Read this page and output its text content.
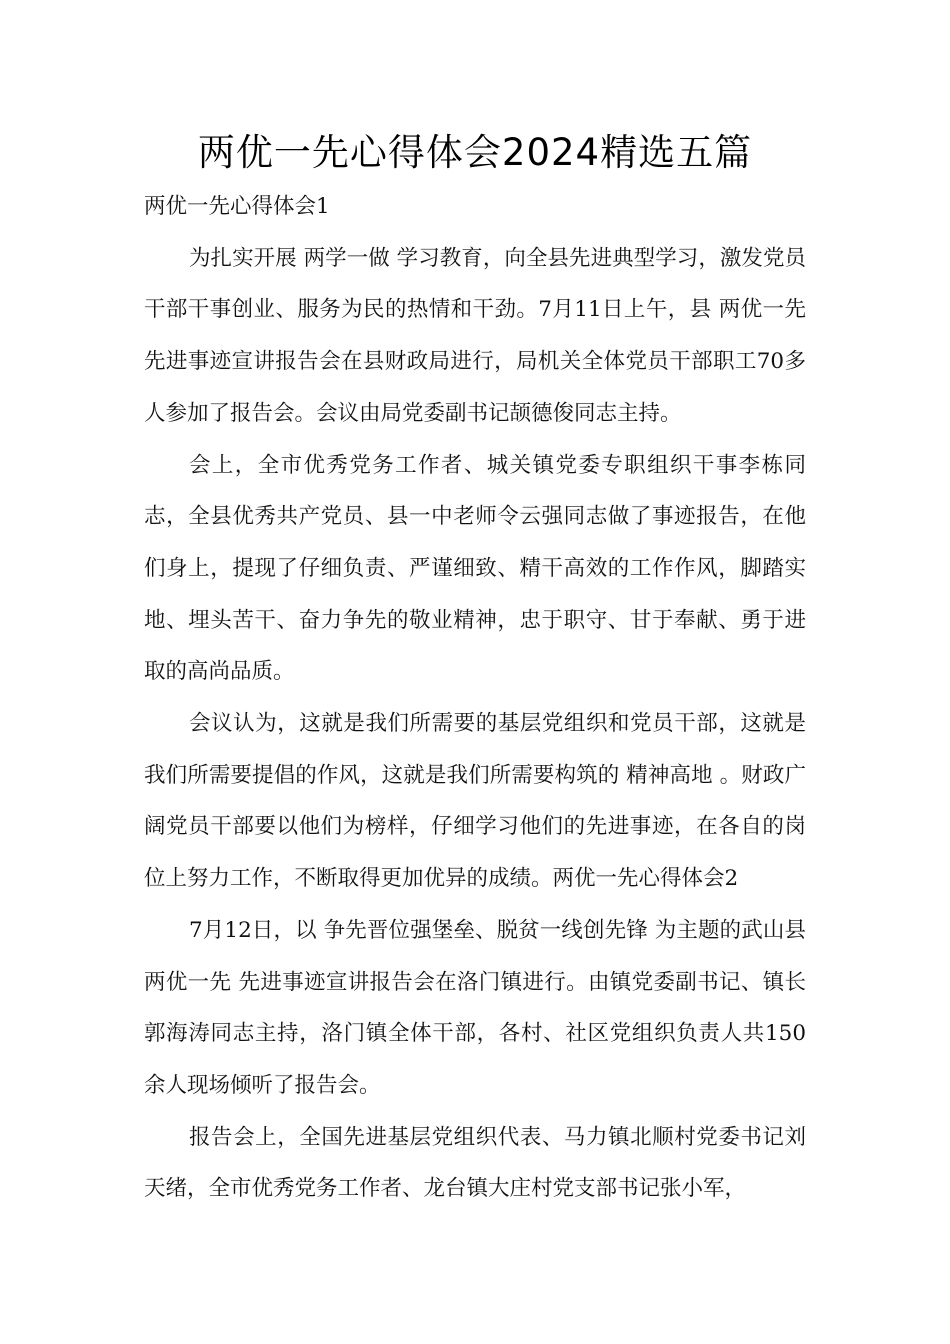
两优一先心得体会2024精选五篇

两优一先心得体会1

为扎实开展 两学一做 学习教育，向全县先进典型学习，激发党员干部干事创业、服务为民的热情和干劲。7月11日上午，县 两优一先 先进事迹宣讲报告会在县财政局进行，局机关全体党员干部职工70多人参加了报告会。会议由局党委副书记颉德俊同志主持。

会上，全市优秀党务工作者、城关镇党委专职组织干事李栋同志，全县优秀共产党员、县一中老师令云强同志做了事迹报告，在他们身上，提现了仔细负责、严谨细致、精干高效的工作作风，脚踏实地、埋头苦干、奋力争先的敬业精神，忠于职守、甘于奉献、勇于进取的高尚品质。

会议认为，这就是我们所需要的基层党组织和党员干部，这就是我们所需要提倡的作风，这就是我们所需要构筑的 精神高地 。财政广阔党员干部要以他们为榜样，仔细学习他们的先进事迹，在各自的岗位上努力工作，不断取得更加优异的成绩。两优一先心得体会2

7月12日，以 争先晋位强堡垒、脱贫一线创先锋 为主题的武山县 两优一先 先进事迹宣讲报告会在洛门镇进行。由镇党委副书记、镇长郭海涛同志主持，洛门镇全体干部，各村、社区党组织负责人共150余人现场倾听了报告会。

报告会上，全国先进基层党组织代表、马力镇北顺村党委书记刘天绪，全市优秀党务工作者、龙台镇大庄村党支部书记张小军，
